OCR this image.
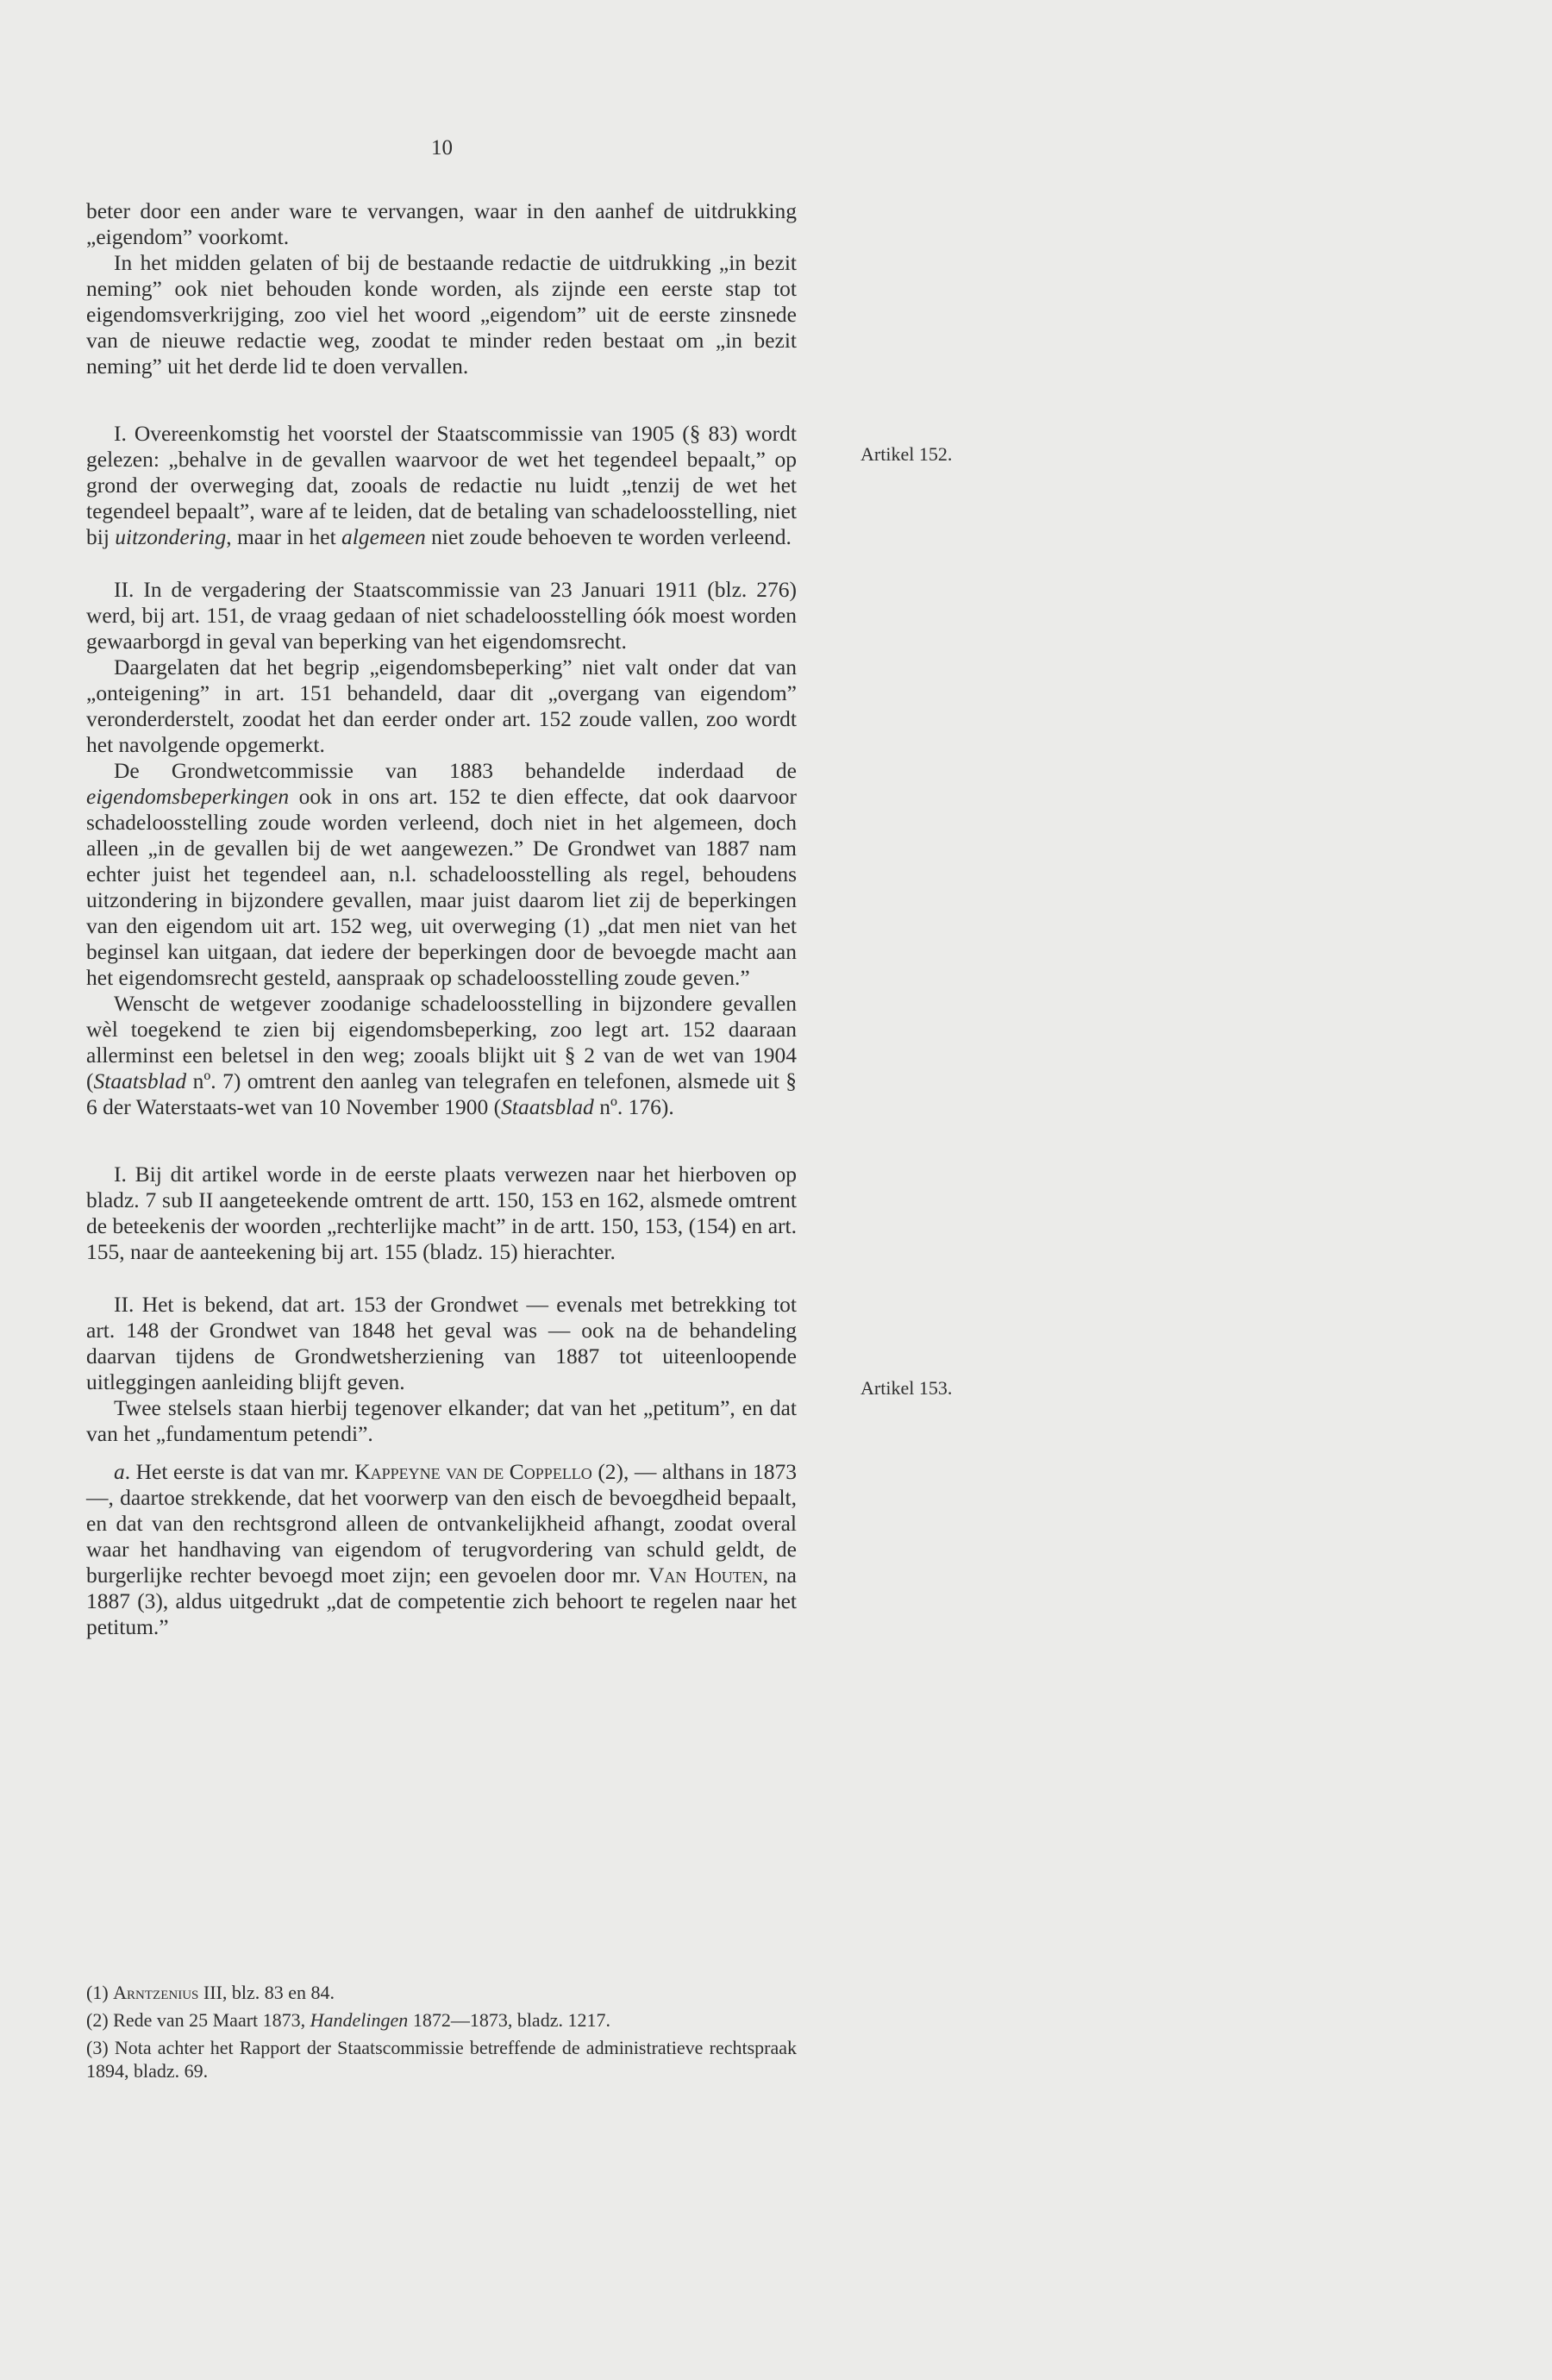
10

beter door een ander ware te vervangen, waar in den aanhef de uitdrukking „eigendom” voorkomt.

In het midden gelaten of bij de bestaande redactie de uitdrukking „in bezit neming” ook niet behouden konde worden, als zijnde een eerste stap tot eigendomsverkrijging, zoo viel het woord „eigendom” uit de eerste zinsnede van de nieuwe redactie weg, zoodat te minder reden bestaat om „in bezit neming” uit het derde lid te doen vervallen.

I. Overeenkomstig het voorstel der Staatscommissie van 1905 (§ 83) wordt gelezen: „behalve in de gevallen waarvoor de wet het tegendeel bepaalt,” op grond der overweging dat, zooals de redactie nu luidt „tenzij de wet het tegendeel bepaalt”, ware af te leiden, dat de betaling van schadeloosstelling, niet bij uitzondering, maar in het algemeen niet zoude behoeven te worden verleend.

II. In de vergadering der Staatscommissie van 23 Januari 1911 (blz. 276) werd, bij art. 151, de vraag gedaan of niet schadeloosstelling óók moest worden gewaarborgd in geval van beperking van het eigendomsrecht.

Daargelaten dat het begrip „eigendomsbeperking” niet valt onder dat van „onteigening” in art. 151 behandeld, daar dit „overgang van eigendom” veronderderstelt, zoodat het dan eerder onder art. 152 zoude vallen, zoo wordt het navolgende opgemerkt.

De Grondwetcommissie van 1883 behandelde inderdaad de eigendomsbeperkingen ook in ons art. 152 te dien effecte, dat ook daarvoor schadeloosstelling zoude worden verleend, doch niet in het algemeen, doch alleen „in de gevallen bij de wet aangewezen.” De Grondwet van 1887 nam echter juist het tegendeel aan, n.l. schadeloosstelling als regel, behoudens uitzondering in bijzondere gevallen, maar juist daarom liet zij de beperkingen van den eigendom uit art. 152 weg, uit overweging (1) „dat men niet van het beginsel kan uitgaan, dat iedere der beperkingen door de bevoegde macht aan het eigendomsrecht gesteld, aanspraak op schadeloosstelling zoude geven.”

Wenscht de wetgever zoodanige schadeloosstelling in bijzondere gevallen wèl toegekend te zien bij eigendomsbeperking, zoo legt art. 152 daaraan allerminst een beletsel in den weg; zooals blijkt uit § 2 van de wet van 1904 (Staatsblad nº. 7) omtrent den aanleg van telegrafen en telefonen, alsmede uit § 6 der Waterstaats-wet van 10 November 1900 (Staatsblad nº. 176).

I. Bij dit artikel worde in de eerste plaats verwezen naar het hierboven op bladz. 7 sub II aangeteekende omtrent de artt. 150, 153 en 162, alsmede omtrent de beteekenis der woorden „rechterlijke macht” in de artt. 150, 153, (154) en art. 155, naar de aanteekening bij art. 155 (bladz. 15) hierachter.

II. Het is bekend, dat art. 153 der Grondwet — evenals met betrekking tot art. 148 der Grondwet van 1848 het geval was — ook na de behandeling daarvan tijdens de Grondwetsherziening van 1887 tot uiteenloopende uitleggingen aanleiding blijft geven.

Twee stelsels staan hierbij tegenover elkander; dat van het „petitum”, en dat van het „fundamentum petendi”.

a. Het eerste is dat van mr. Kappeyne van de Coppello (2), — althans in 1873 —, daartoe strekkende, dat het voorwerp van den eisch de bevoegdheid bepaalt, en dat van den rechtsgrond alleen de ontvankelijkheid afhangt, zoodat overal waar het handhaving van eigendom of terugvordering van schuld geldt, de burgerlijke rechter bevoegd moet zijn; een gevoelen door mr. Van Houten, na 1887 (3), aldus uitgedrukt „dat de competentie zich behoort te regelen naar het petitum.”

Artikel 152.
Artikel 153.

(1) Arntzenius III, blz. 83 en 84.

(2) Rede van 25 Maart 1873, Handelingen 1872—1873, bladz. 1217.

(3) Nota achter het Rapport der Staatscommissie betreffende de administratieve rechtspraak 1894, bladz. 69.
